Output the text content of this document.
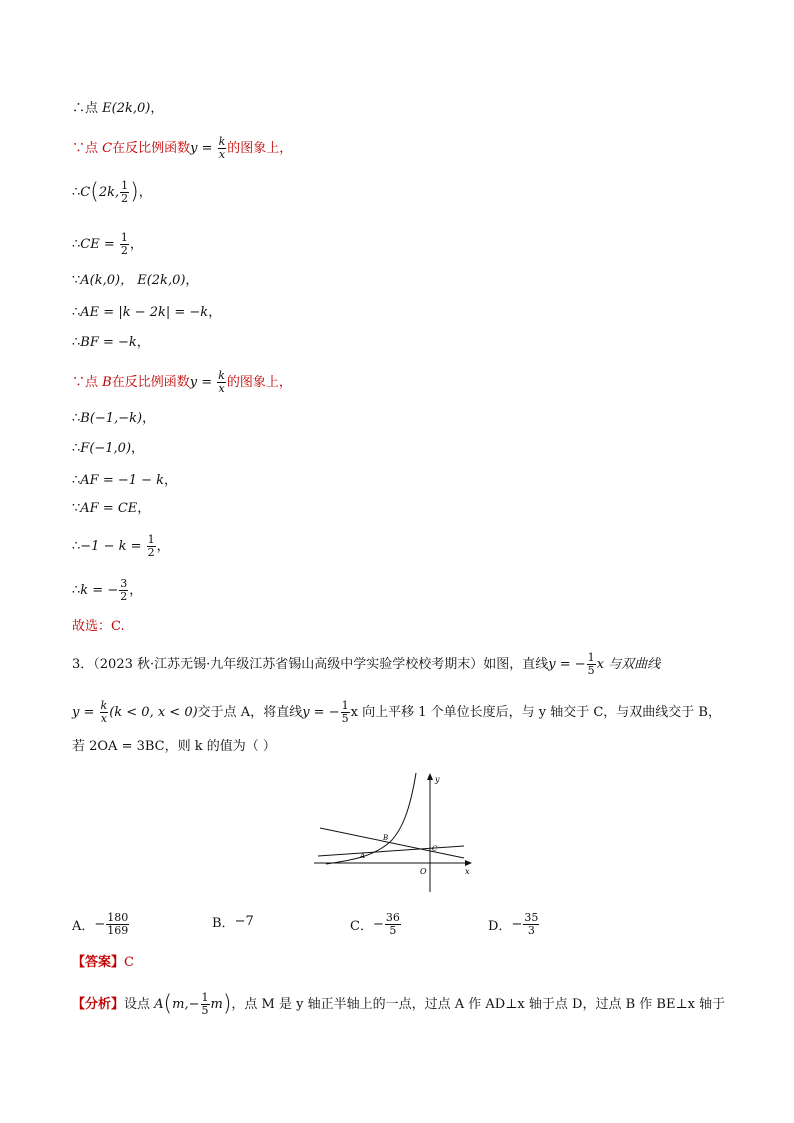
∴点 E(2k,0)，
∵点 C在反比例函数$y = \frac{k}{x}$ 的图象上，
∴C(2k, $\frac{1}{2}$ )，
∴CE = $\frac{1}{2}$ ，
∵A(k,0)， E(2k,0)，
∴AE = |k − 2k| = −k，
∴BF = −k，
∵点 B在反比例函数$y = \frac{k}{x}$ 的图象上，
∴B(−1,−k)，
∴F(−1,0)，
∴AF = −1 − k，
∵AF = CE，
∴−1 − $k = \frac{1}{2}$ ，
∴k = − $\frac{3}{2}$ ，
故选：C.
3．（2023 秋·江苏无锡·九年级江苏省锡山高级中学实验学校校考期末）如图，直线y = − $\frac{1}{5}$ x 与双曲线
$y = \frac{k}{x} (k < 0$, x < 0)交于点 A，将直线y = − $\frac{1}{5}$ x 向上平移 1 个单位长度后，与 y 轴交于 C，与双曲线交于 B，
若 2OA = 3BC，则 k 的值为（ ）
y
x
O
B
A
C
A． − $\frac{180}{169}$	B． −7	C． − $\frac{36}{5}$	D． − $\frac{35}{3}$
【答案】C
【分析】设点 $A(m,- \frac{1}{5} m)$，点 M 是 y 轴正半轴上的一点，过点 A 作 AD⊥x 轴于点 D，过点 B 作 BE⊥x 轴于
